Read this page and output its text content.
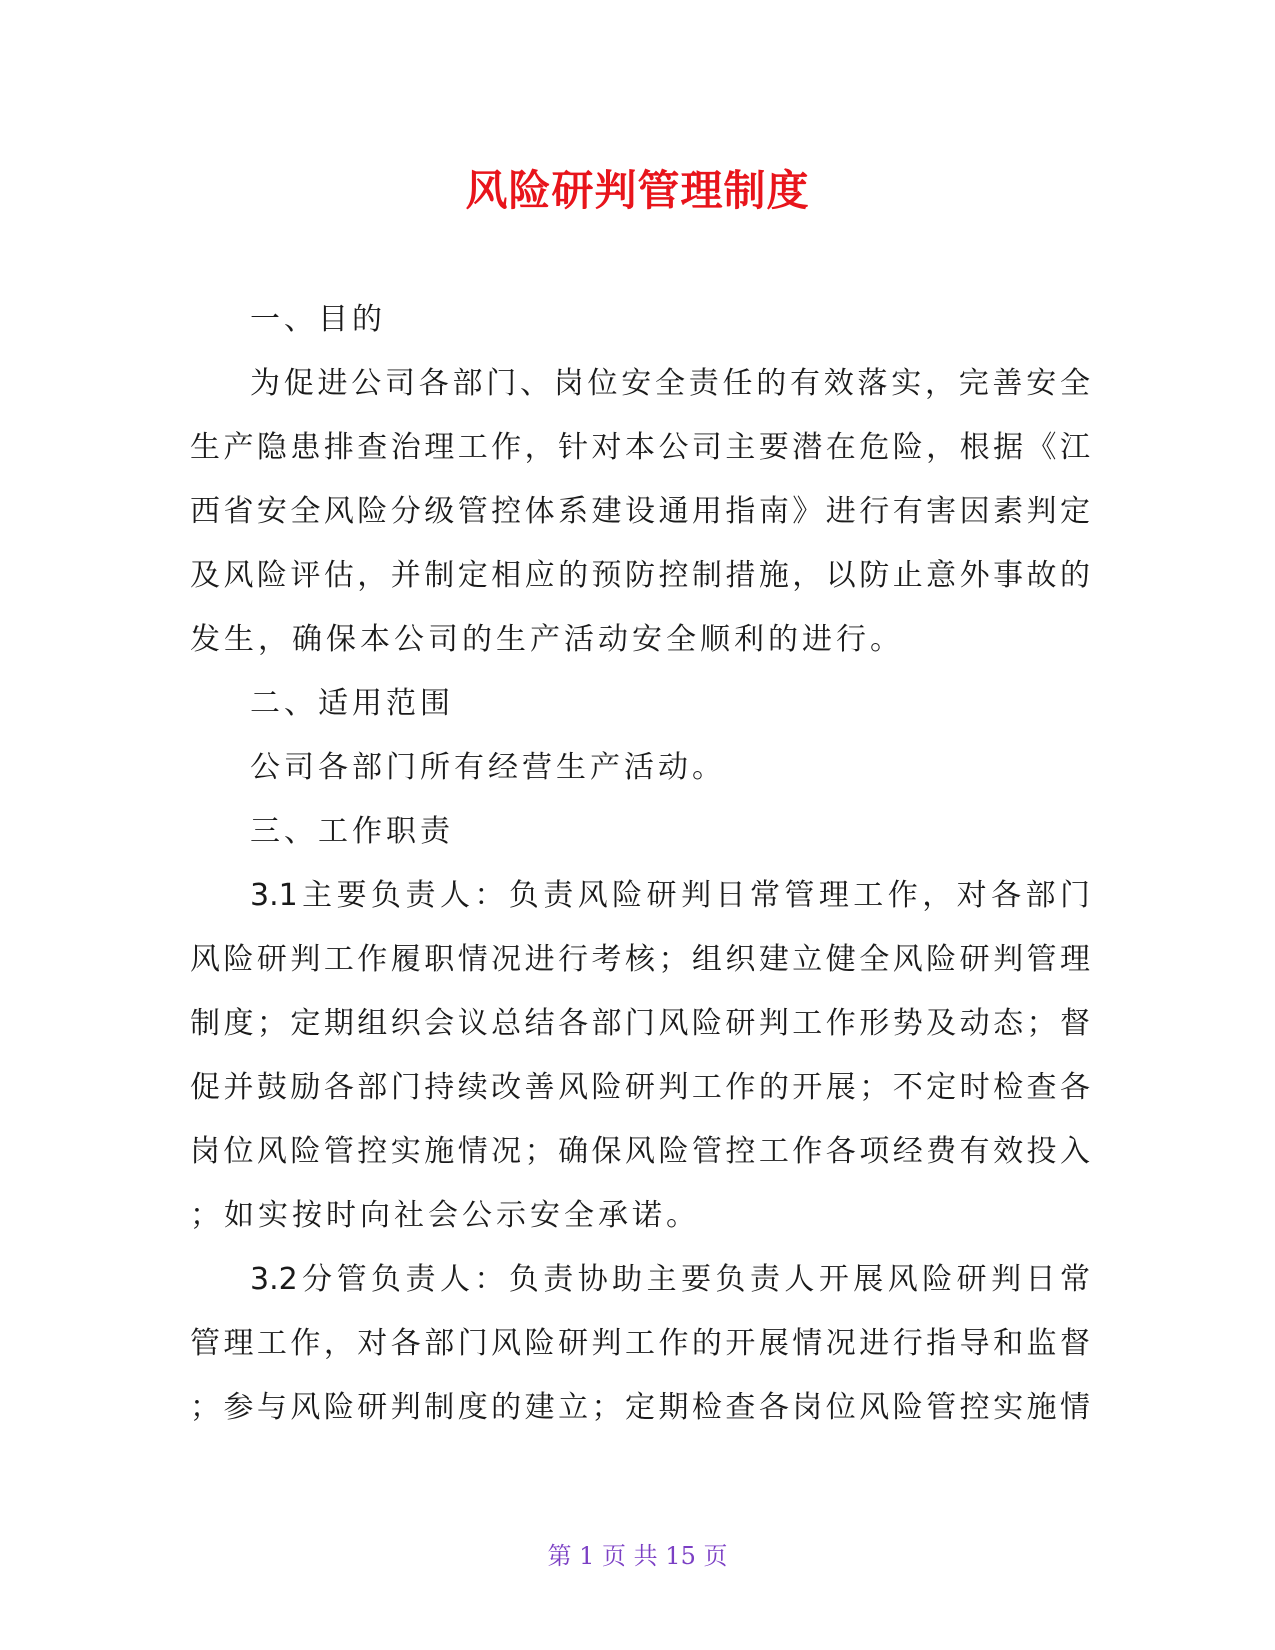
风险研判管理制度
一、目的
为促进公司各部门、岗位安全责任的有效落实，完善安全
生产隐患排查治理工作，针对本公司主要潜在危险，根据《江
西省安全风险分级管控体系建设通用指南》进行有害因素判定
及风险评估，并制定相应的预防控制措施，以防止意外事故的
发生，确保本公司的生产活动安全顺利的进行。
二、适用范围
公司各部门所有经营生产活动。
三、工作职责
3.1主要负责人：负责风险研判日常管理工作，对各部门
风险研判工作履职情况进行考核；组织建立健全风险研判管理
制度；定期组织会议总结各部门风险研判工作形势及动态；督
促并鼓励各部门持续改善风险研判工作的开展；不定时检查各
岗位风险管控实施情况；确保风险管控工作各项经费有效投入
；如实按时向社会公示安全承诺。
3.2分管负责人：负责协助主要负责人开展风险研判日常
管理工作，对各部门风险研判工作的开展情况进行指导和监督
；参与风险研判制度的建立；定期检查各岗位风险管控实施情
第 1 页 共 15 页
